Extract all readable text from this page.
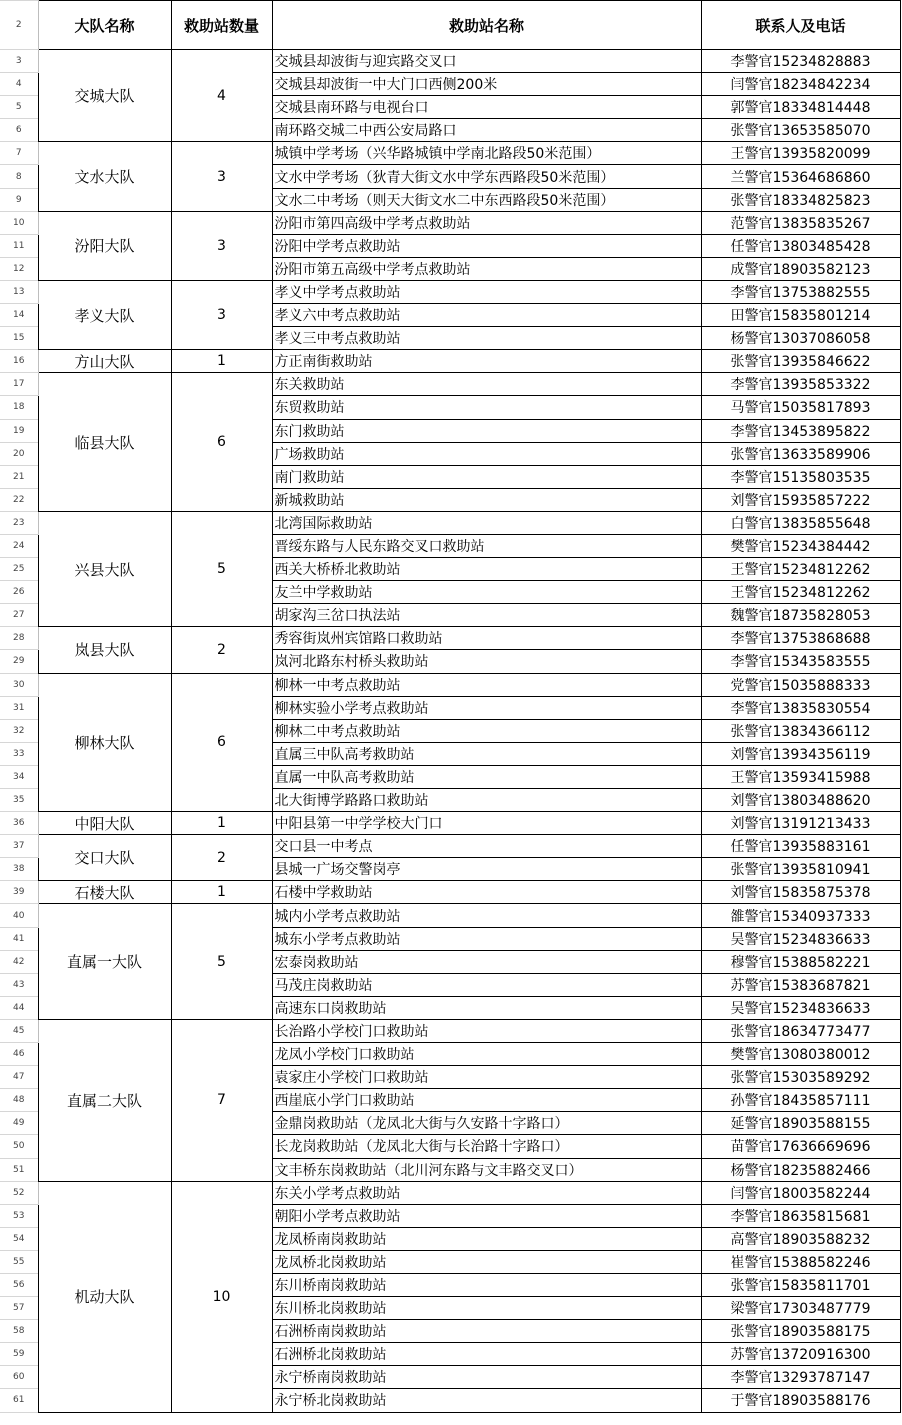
2	大队名称	救助站数量	救助站名称	联系人及电话
3	交城大队	4	交城县却波街与迎宾路交叉口	李警官15234828883
4			交城县却波街一中大门口西侧200米	闫警官18234842234
5			交城县南环路与电视台口	郭警官18334814448
6			南环路交城二中西公安局路口	张警官13653585070
7	文水大队	3	城镇中学考场（兴华路城镇中学南北路段50米范围）	王警官13935820099
8			文水中学考场（狄青大街文水中学东西路段50米范围）	兰警官15364686860
9			文水二中考场（则天大街文水二中东西路段50米范围）	张警官18334825823
10	汾阳大队	3	汾阳市第四高级中学考点救助站	范警官13835835267
11			汾阳中学考点救助站	任警官13803485428
12			汾阳市第五高级中学考点救助站	成警官18903582123
13	孝义大队	3	孝义中学考点救助站	李警官13753882555
14			孝义六中考点救助站	田警官15835801214
15			孝义三中考点救助站	杨警官13037086058
16	方山大队	1	方正南街救助站	张警官13935846622
17	临县大队	6	东关救助站	李警官13935853322
18			东贸救助站	马警官15035817893
19			东门救助站	李警官13453895822
20			广场救助站	张警官13633589906
21			南门救助站	李警官15135803535
22			新城救助站	刘警官15935857222
23	兴县大队	5	北湾国际救助站	白警官13835855648
24			晋绥东路与人民东路交叉口救助站	樊警官15234384442
25			西关大桥桥北救助站	王警官15234812262
26			友兰中学救助站	王警官15234812262
27			胡家沟三岔口执法站	魏警官18735828053
28	岚县大队	2	秀容街岚州宾馆路口救助站	李警官13753868688
29			岚河北路东村桥头救助站	李警官15343583555
30	柳林大队	6	柳林一中考点救助站	党警官15035888333
31			柳林实验小学考点救助站	李警官13835830554
32			柳林二中考点救助站	张警官13834366112
33			直属三中队高考救助站	刘警官13934356119
34			直属一中队高考救助站	王警官13593415988
35			北大街博学路路口救助站	刘警官13803488620
36	中阳大队	1	中阳县第一中学学校大门口	刘警官13191213433
37	交口大队	2	交口县一中考点	任警官13935883161
38			县城一广场交警岗亭	张警官13935810941
39	石楼大队	1	石楼中学救助站	刘警官15835875378
40	直属一大队	5	城内小学考点救助站	雒警官15340937333
41			城东小学考点救助站	吴警官15234836633
42			宏泰岗救助站	穆警官15388582221
43			马茂庄岗救助站	苏警官15383687821
44			高速东口岗救助站	吴警官15234836633
45	直属二大队	7	长治路小学校门口救助站	张警官18634773477
46			龙凤小学校门口救助站	樊警官13080380012
47			袁家庄小学校门口救助站	张警官15303589292
48			西崖底小学门口救助站	孙警官18435857111
49			金鼎岗救助站（龙凤北大街与久安路十字路口）	延警官18903588155
50			长龙岗救助站（龙凤北大街与长治路十字路口）	苗警官17636669696
51			文丰桥东岗救助站（北川河东路与文丰路交叉口）	杨警官18235882466
52	机动大队	10	东关小学考点救助站	闫警官18003582244
53			朝阳小学考点救助站	李警官18635815681
54			龙凤桥南岗救助站	高警官18903588232
55			龙凤桥北岗救助站	崔警官15388582246
56			东川桥南岗救助站	张警官15835811701
57			东川桥北岗救助站	梁警官17303487779
58			石洲桥南岗救助站	张警官18903588175
59			石洲桥北岗救助站	苏警官13720916300
60			永宁桥南岗救助站	李警官13293787147
61			永宁桥北岗救助站	于警官18903588176
